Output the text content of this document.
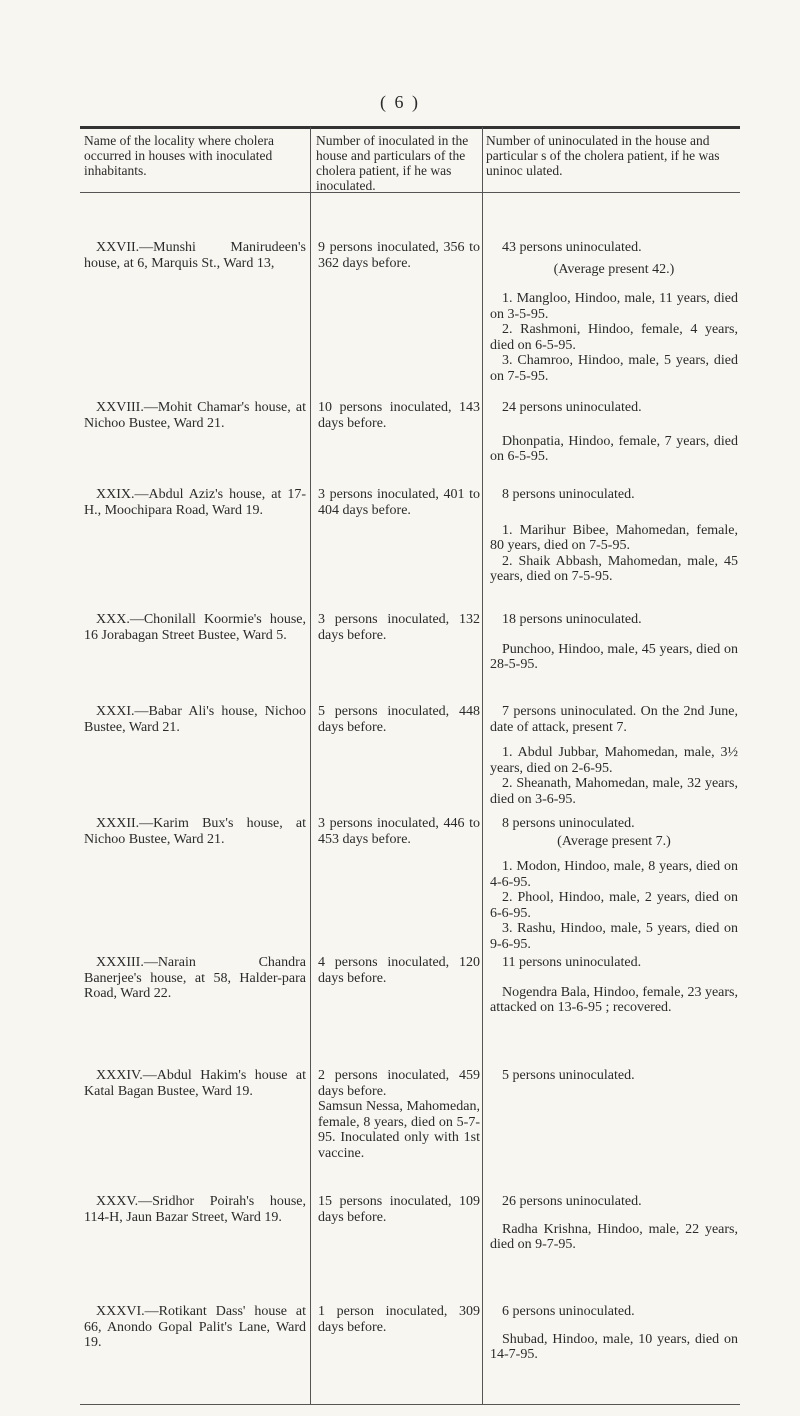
( 6 )
Name of the locality where cholera occurred in houses with inoculated inhabitants.
Number of inoculated in the house and particulars of the cholera patient, if he was inoculated.
Number of uninoculated in the house and particular s of the cholera patient, if he was uninoc ulated.
XXVII.—Munshi Manirudeen's house, at 6, Marquis St., Ward 13,
9 persons inoculated, 356 to 362 days before.
43 persons uninoculated.
(Average present 42.)
1. Mangloo, Hindoo, male, 11 years, died on 3-5-95.
2. Rashmoni, Hindoo, female, 4 years, died on 6-5-95.
3. Chamroo, Hindoo, male, 5 years, died on 7-5-95.
XXVIII.—Mohit Chamar's house, at Nichoo Bustee, Ward 21.
10 persons inoculated, 143 days before.
24 persons uninoculated.
Dhonpatia, Hindoo, female, 7 years, died on 6-5-95.
XXIX.—Abdul Aziz's house, at 17-H., Moochipara Road, Ward 19.
3 persons inoculated, 401 to 404 days before.
8 persons uninoculated.
1. Marihur Bibee, Mahomedan, female, 80 years, died on 7-5-95.
2. Shaik Abbash, Mahomedan, male, 45 years, died on 7-5-95.
XXX.—Chonilall Koormie's house, 16 Jorabagan Street Bustee, Ward 5.
3 persons inoculated, 132 days before.
18 persons uninoculated.
Punchoo, Hindoo, male, 45 years, died on 28-5-95.
XXXI.—Babar Ali's house, Nichoo Bustee, Ward 21.
5 persons inoculated, 448 days before.
7 persons uninoculated. On the 2nd June, date of attack, present 7.
1. Abdul Jubbar, Mahomedan, male, 3½ years, died on 2-6-95.
2. Sheanath, Mahomedan, male, 32 years, died on 3-6-95.
XXXII.—Karim Bux's house, at Nichoo Bustee, Ward 21.
3 persons inoculated, 446 to 453 days before.
8 persons uninoculated.
(Average present 7.)
1. Modon, Hindoo, male, 8 years, died on 4-6-95.
2. Phool, Hindoo, male, 2 years, died on 6-6-95.
3. Rashu, Hindoo, male, 5 years, died on 9-6-95.
XXXIII.—Narain Chandra Banerjee's house, at 58, Halder-para Road, Ward 22.
4 persons inoculated, 120 days before.
11 persons uninoculated.
Nogendra Bala, Hindoo, female, 23 years, attacked on 13-6-95 ; recovered.
XXXIV.—Abdul Hakim's house at Katal Bagan Bustee, Ward 19.
2 persons inoculated, 459 days before.
Samsun Nessa, Mahomedan, female, 8 years, died on 5-7-95. Inoculated only with 1st vaccine.
5 persons uninoculated.
XXXV.—Sridhor Poirah's house, 114-H, Jaun Bazar Street, Ward 19.
15 persons inoculated, 109 days before.
26 persons uninoculated.
Radha Krishna, Hindoo, male, 22 years, died on 9-7-95.
XXXVI.—Rotikant Dass' house at 66, Anondo Gopal Palit's Lane, Ward 19.
1 person inoculated, 309 days before.
6 persons uninoculated.
Shubad, Hindoo, male, 10 years, died on 14-7-95.
